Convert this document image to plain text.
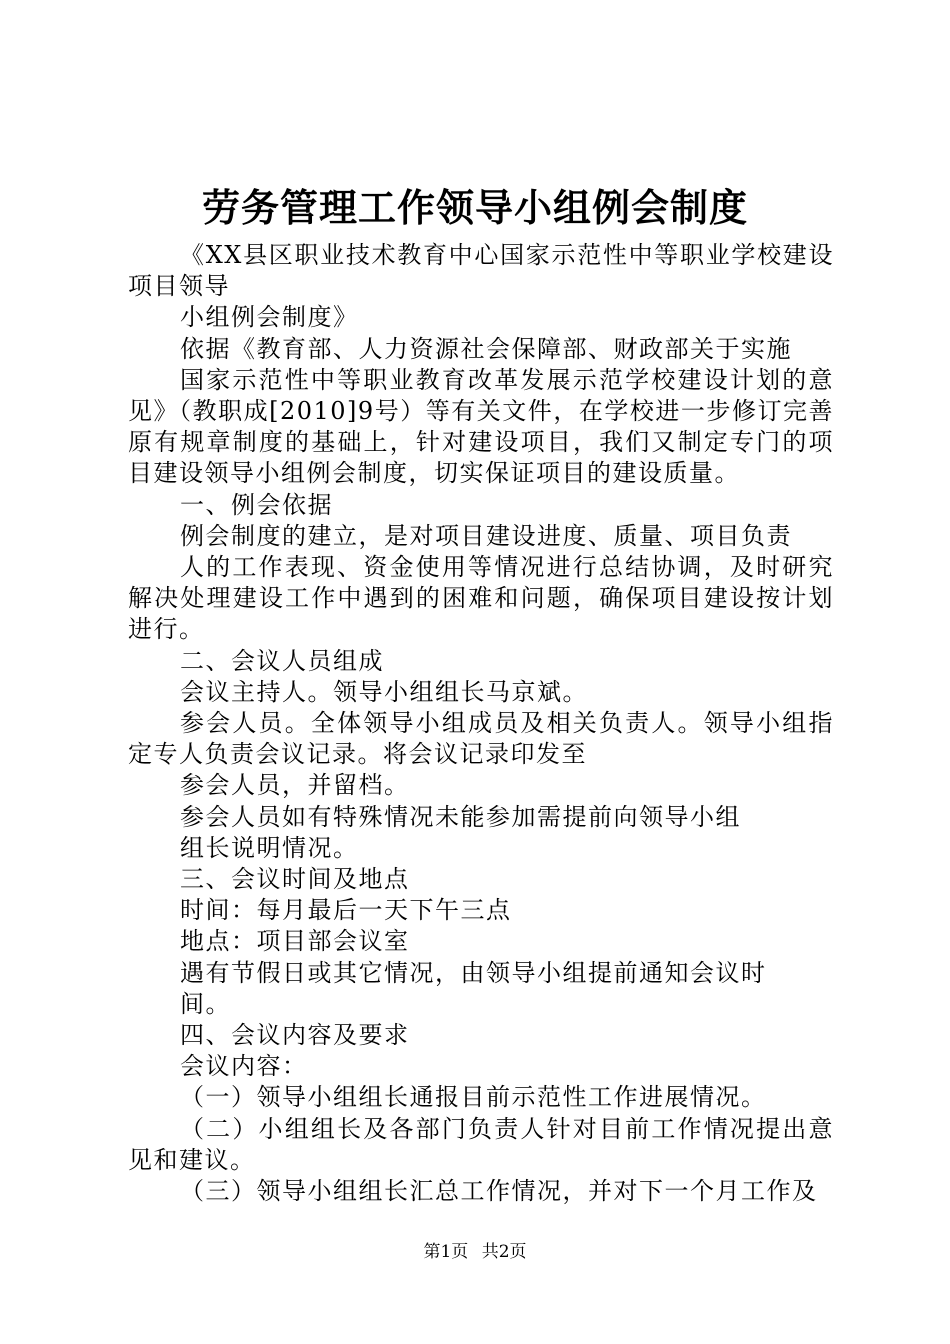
劳务管理工作领导小组例会制度

《XX县区职业技术教育中心国家示范性中等职业学校建设项目领导

小组例会制度》

依据《教育部、人力资源社会保障部、财政部关于实施

国家示范性中等职业教育改革发展示范学校建设计划的意见》（教职成[2010]9号）等有关文件，在学校进一步修订完善原有规章制度的基础上，针对建设项目，我们又制定专门的项目建设领导小组例会制度，切实保证项目的建设质量。

一、例会依据

例会制度的建立，是对项目建设进度、质量、项目负责

人的工作表现、资金使用等情况进行总结协调，及时研究解决处理建设工作中遇到的困难和问题，确保项目建设按计划进行。

二、会议人员组成

会议主持人。领导小组组长马京斌。

参会人员。全体领导小组成员及相关负责人。领导小组指定专人负责会议记录。将会议记录印发至

参会人员，并留档。

参会人员如有特殊情况未能参加需提前向领导小组

组长说明情况。

三、会议时间及地点

时间：每月最后一天下午三点

地点：项目部会议室

遇有节假日或其它情况，由领导小组提前通知会议时

间。

四、会议内容及要求

会议内容：

（一）领导小组组长通报目前示范性工作进展情况。

（二）小组组长及各部门负责人针对目前工作情况提出意见和建议。

（三）领导小组组长汇总工作情况，并对下一个月工作及

第1页 共2页
